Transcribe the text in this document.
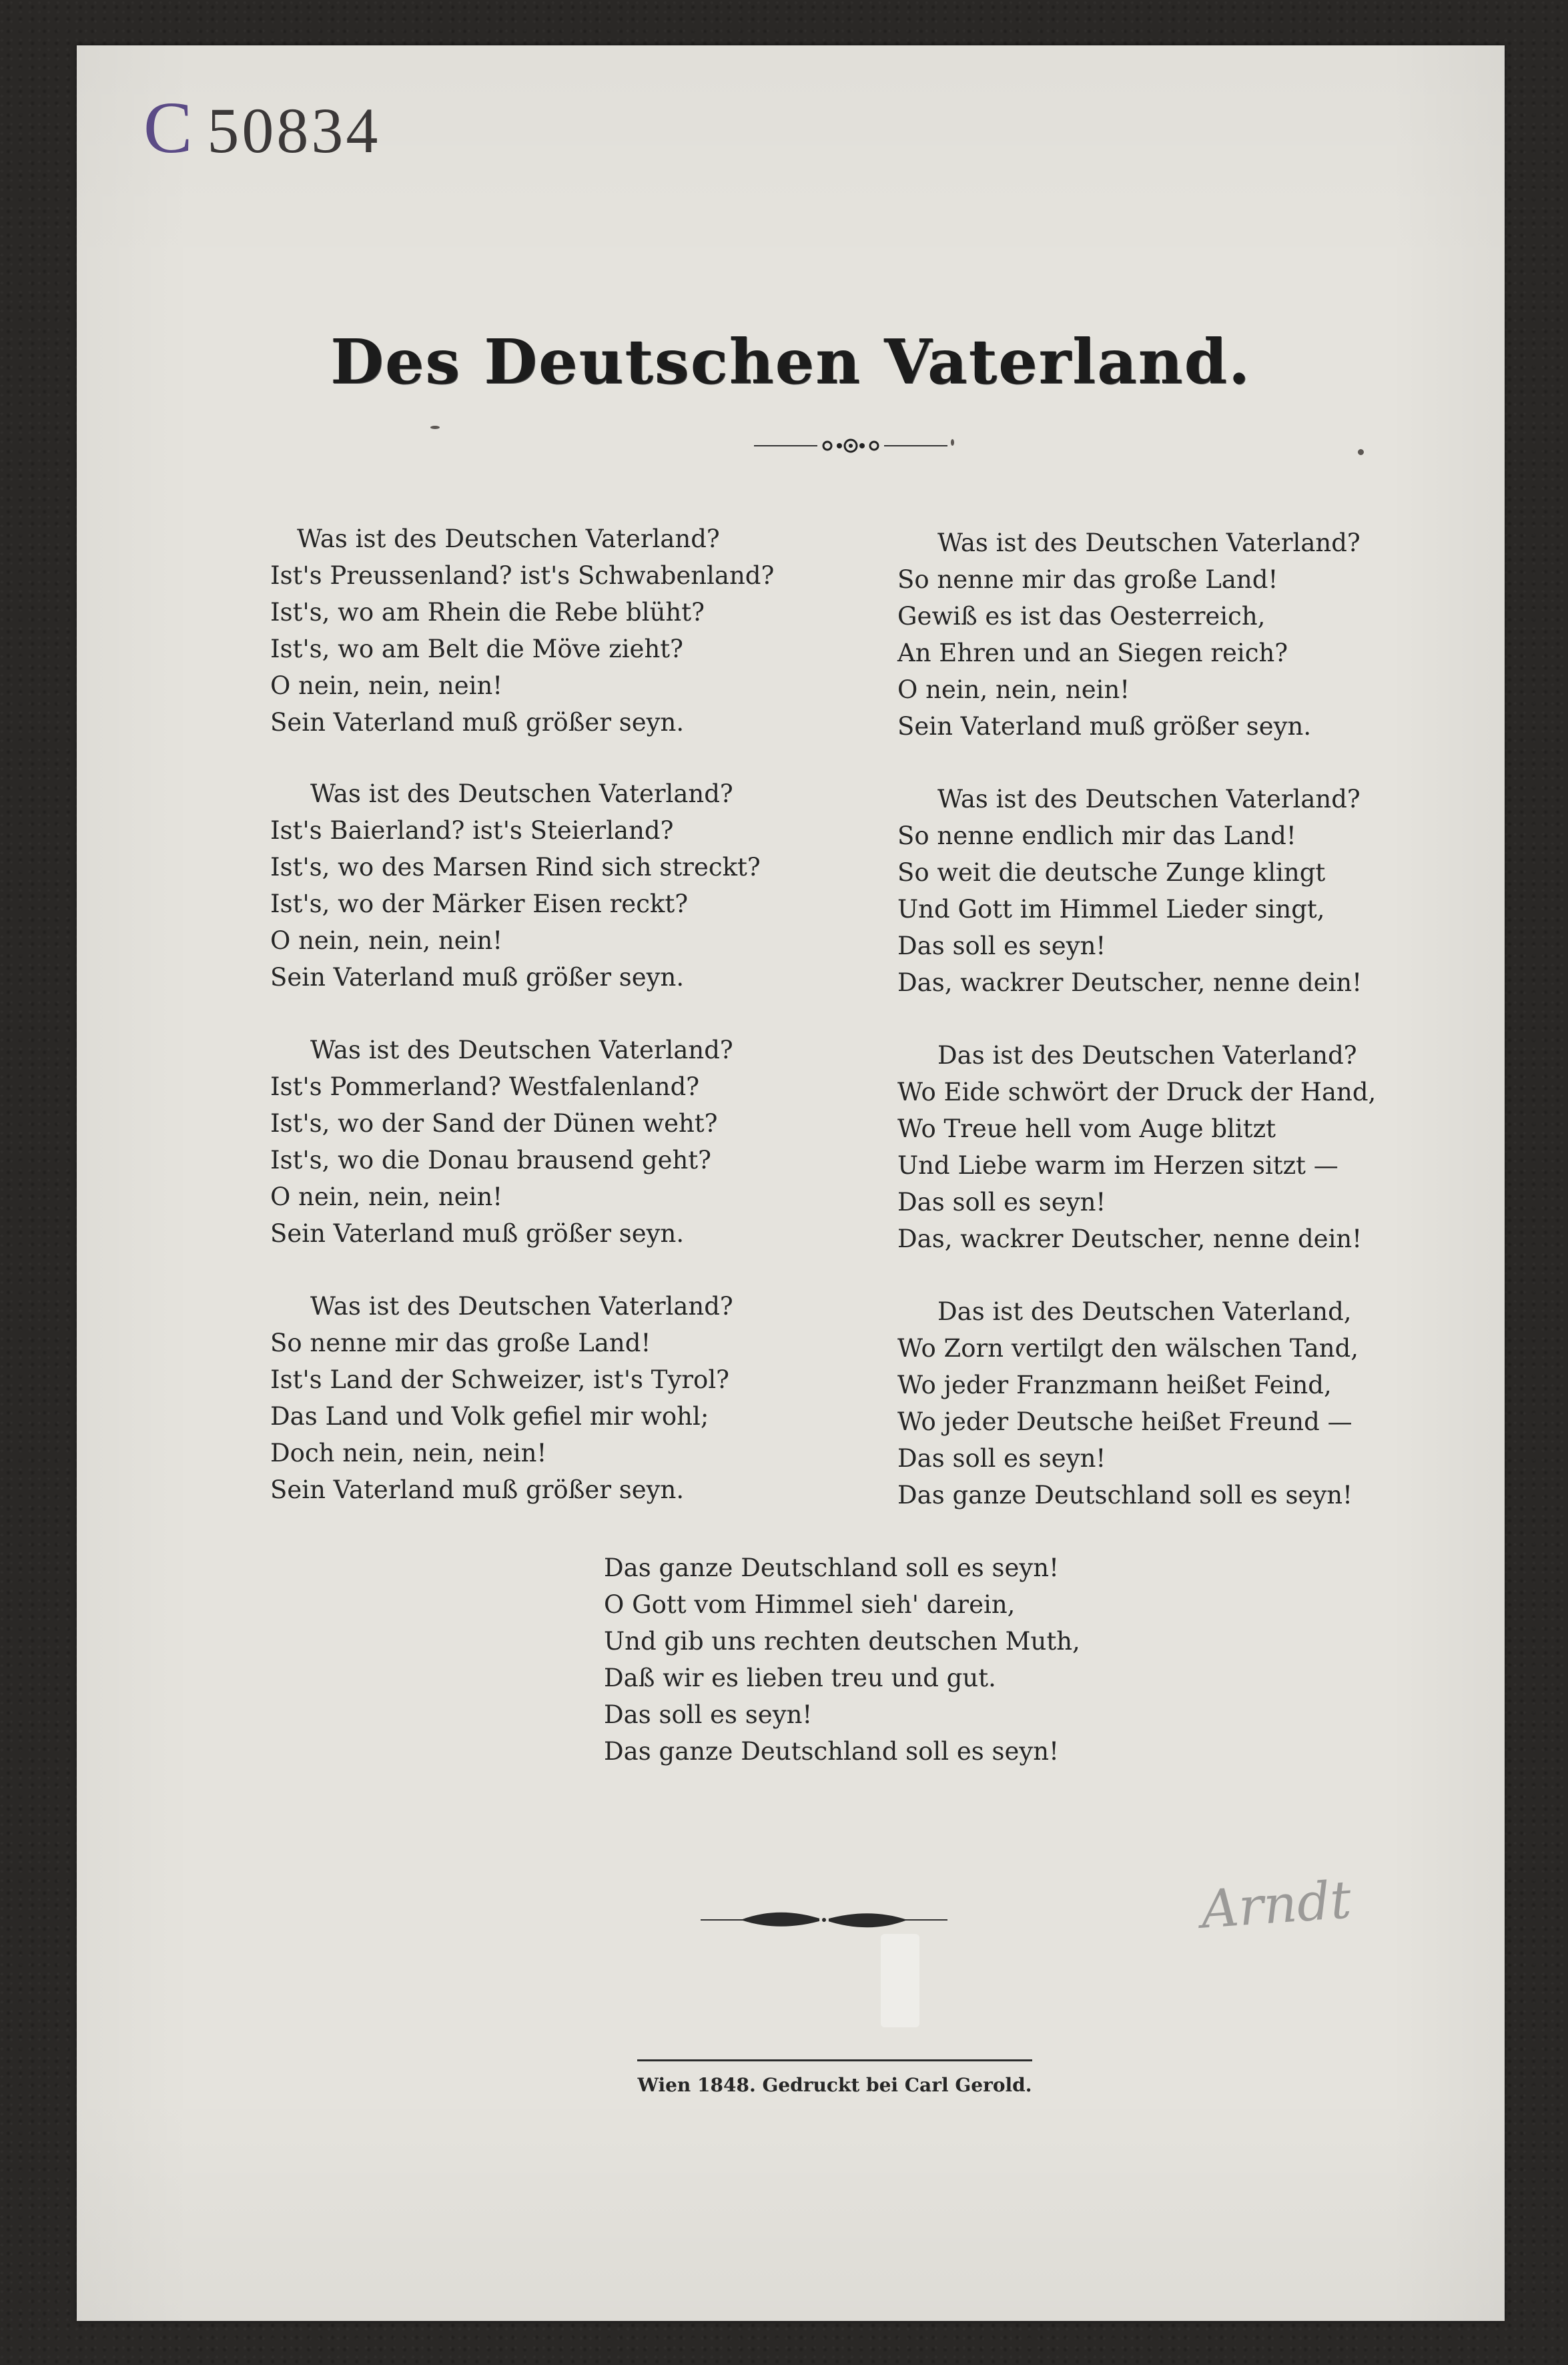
C 50834
Des Deutschen Vaterland.
Was ist des Deutschen Vaterland?
Ist's Preussenland? ist's Schwabenland?
Ist's, wo am Rhein die Rebe blüht?
Ist's, wo am Belt die Möve zieht?
O nein, nein, nein!
Sein Vaterland muß größer seyn.
Was ist des Deutschen Vaterland?
Ist's Baierland? ist's Steierland?
Ist's, wo des Marsen Rind sich streckt?
Ist's, wo der Märker Eisen reckt?
O nein, nein, nein!
Sein Vaterland muß größer seyn.
Was ist des Deutschen Vaterland?
Ist's Pommerland? Westfalenland?
Ist's, wo der Sand der Dünen weht?
Ist's, wo die Donau brausend geht?
O nein, nein, nein!
Sein Vaterland muß größer seyn.
Was ist des Deutschen Vaterland?
So nenne mir das große Land!
Ist's Land der Schweizer, ist's Tyrol?
Das Land und Volk gefiel mir wohl;
Doch nein, nein, nein!
Sein Vaterland muß größer seyn.
Was ist des Deutschen Vaterland?
So nenne mir das große Land!
Gewiß es ist das Oesterreich,
An Ehren und an Siegen reich?
O nein, nein, nein!
Sein Vaterland muß größer seyn.
Was ist des Deutschen Vaterland?
So nenne endlich mir das Land!
So weit die deutsche Zunge klingt
Und Gott im Himmel Lieder singt,
Das soll es seyn!
Das, wackrer Deutscher, nenne dein!
Das ist des Deutschen Vaterland?
Wo Eide schwört der Druck der Hand,
Wo Treue hell vom Auge blitzt
Und Liebe warm im Herzen sitzt —
Das soll es seyn!
Das, wackrer Deutscher, nenne dein!
Das ist des Deutschen Vaterland,
Wo Zorn vertilgt den wälschen Tand,
Wo jeder Franzmann heißet Feind,
Wo jeder Deutsche heißet Freund —
Das soll es seyn!
Das ganze Deutschland soll es seyn!
Das ganze Deutschland soll es seyn!
O Gott vom Himmel sieh' darein,
Und gib uns rechten deutschen Muth,
Daß wir es lieben treu und gut.
Das soll es seyn!
Das ganze Deutschland soll es seyn!
Arndt
Wien 1848. Gedruckt bei Carl Gerold.
